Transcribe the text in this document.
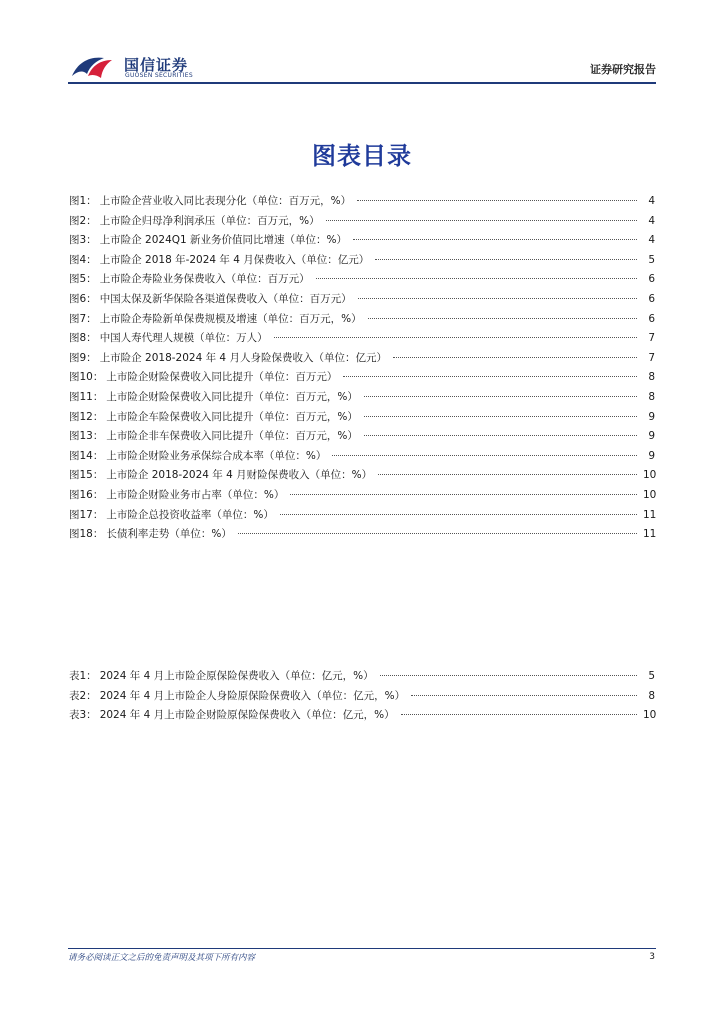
国信证券
GUOSEN SECURITIES	证券研究报告
图表目录
图1： 上市险企营业收入同比表现分化（单位：百万元，%）	4
图2： 上市险企归母净利润承压（单位：百万元，%）	4
图3： 上市险企 2024Q1 新业务价值同比增速（单位：%）	4
图4： 上市险企 2018 年-2024 年 4 月保费收入（单位：亿元）	5
图5： 上市险企寿险业务保费收入（单位：百万元）	6
图6： 中国太保及新华保险各渠道保费收入（单位：百万元）	6
图7： 上市险企寿险新单保费规模及增速（单位：百万元，%）	6
图8： 中国人寿代理人规模（单位：万人）	7
图9： 上市险企 2018-2024 年 4 月人身险保费收入（单位：亿元）	7
图10： 上市险企财险保费收入同比提升（单位：百万元）	8
图11： 上市险企财险保费收入同比提升（单位：百万元，%）	8
图12： 上市险企车险保费收入同比提升（单位：百万元，%）	9
图13： 上市险企非车保费收入同比提升（单位：百万元，%）	9
图14： 上市险企财险业务承保综合成本率（单位：%）	9
图15： 上市险企 2018-2024 年 4 月财险保费收入（单位：%）	10
图16： 上市险企财险业务市占率（单位：%）	10
图17： 上市险企总投资收益率（单位：%）	11
图18： 长债利率走势（单位：%）	11
表1： 2024 年 4 月上市险企原保险保费收入（单位：亿元，%）	5
表2： 2024 年 4 月上市险企人身险原保险保费收入（单位：亿元，%）	8
表3： 2024 年 4 月上市险企财险原保险保费收入（单位：亿元，%）	10
请务必阅读正文之后的免责声明及其项下所有内容	3
